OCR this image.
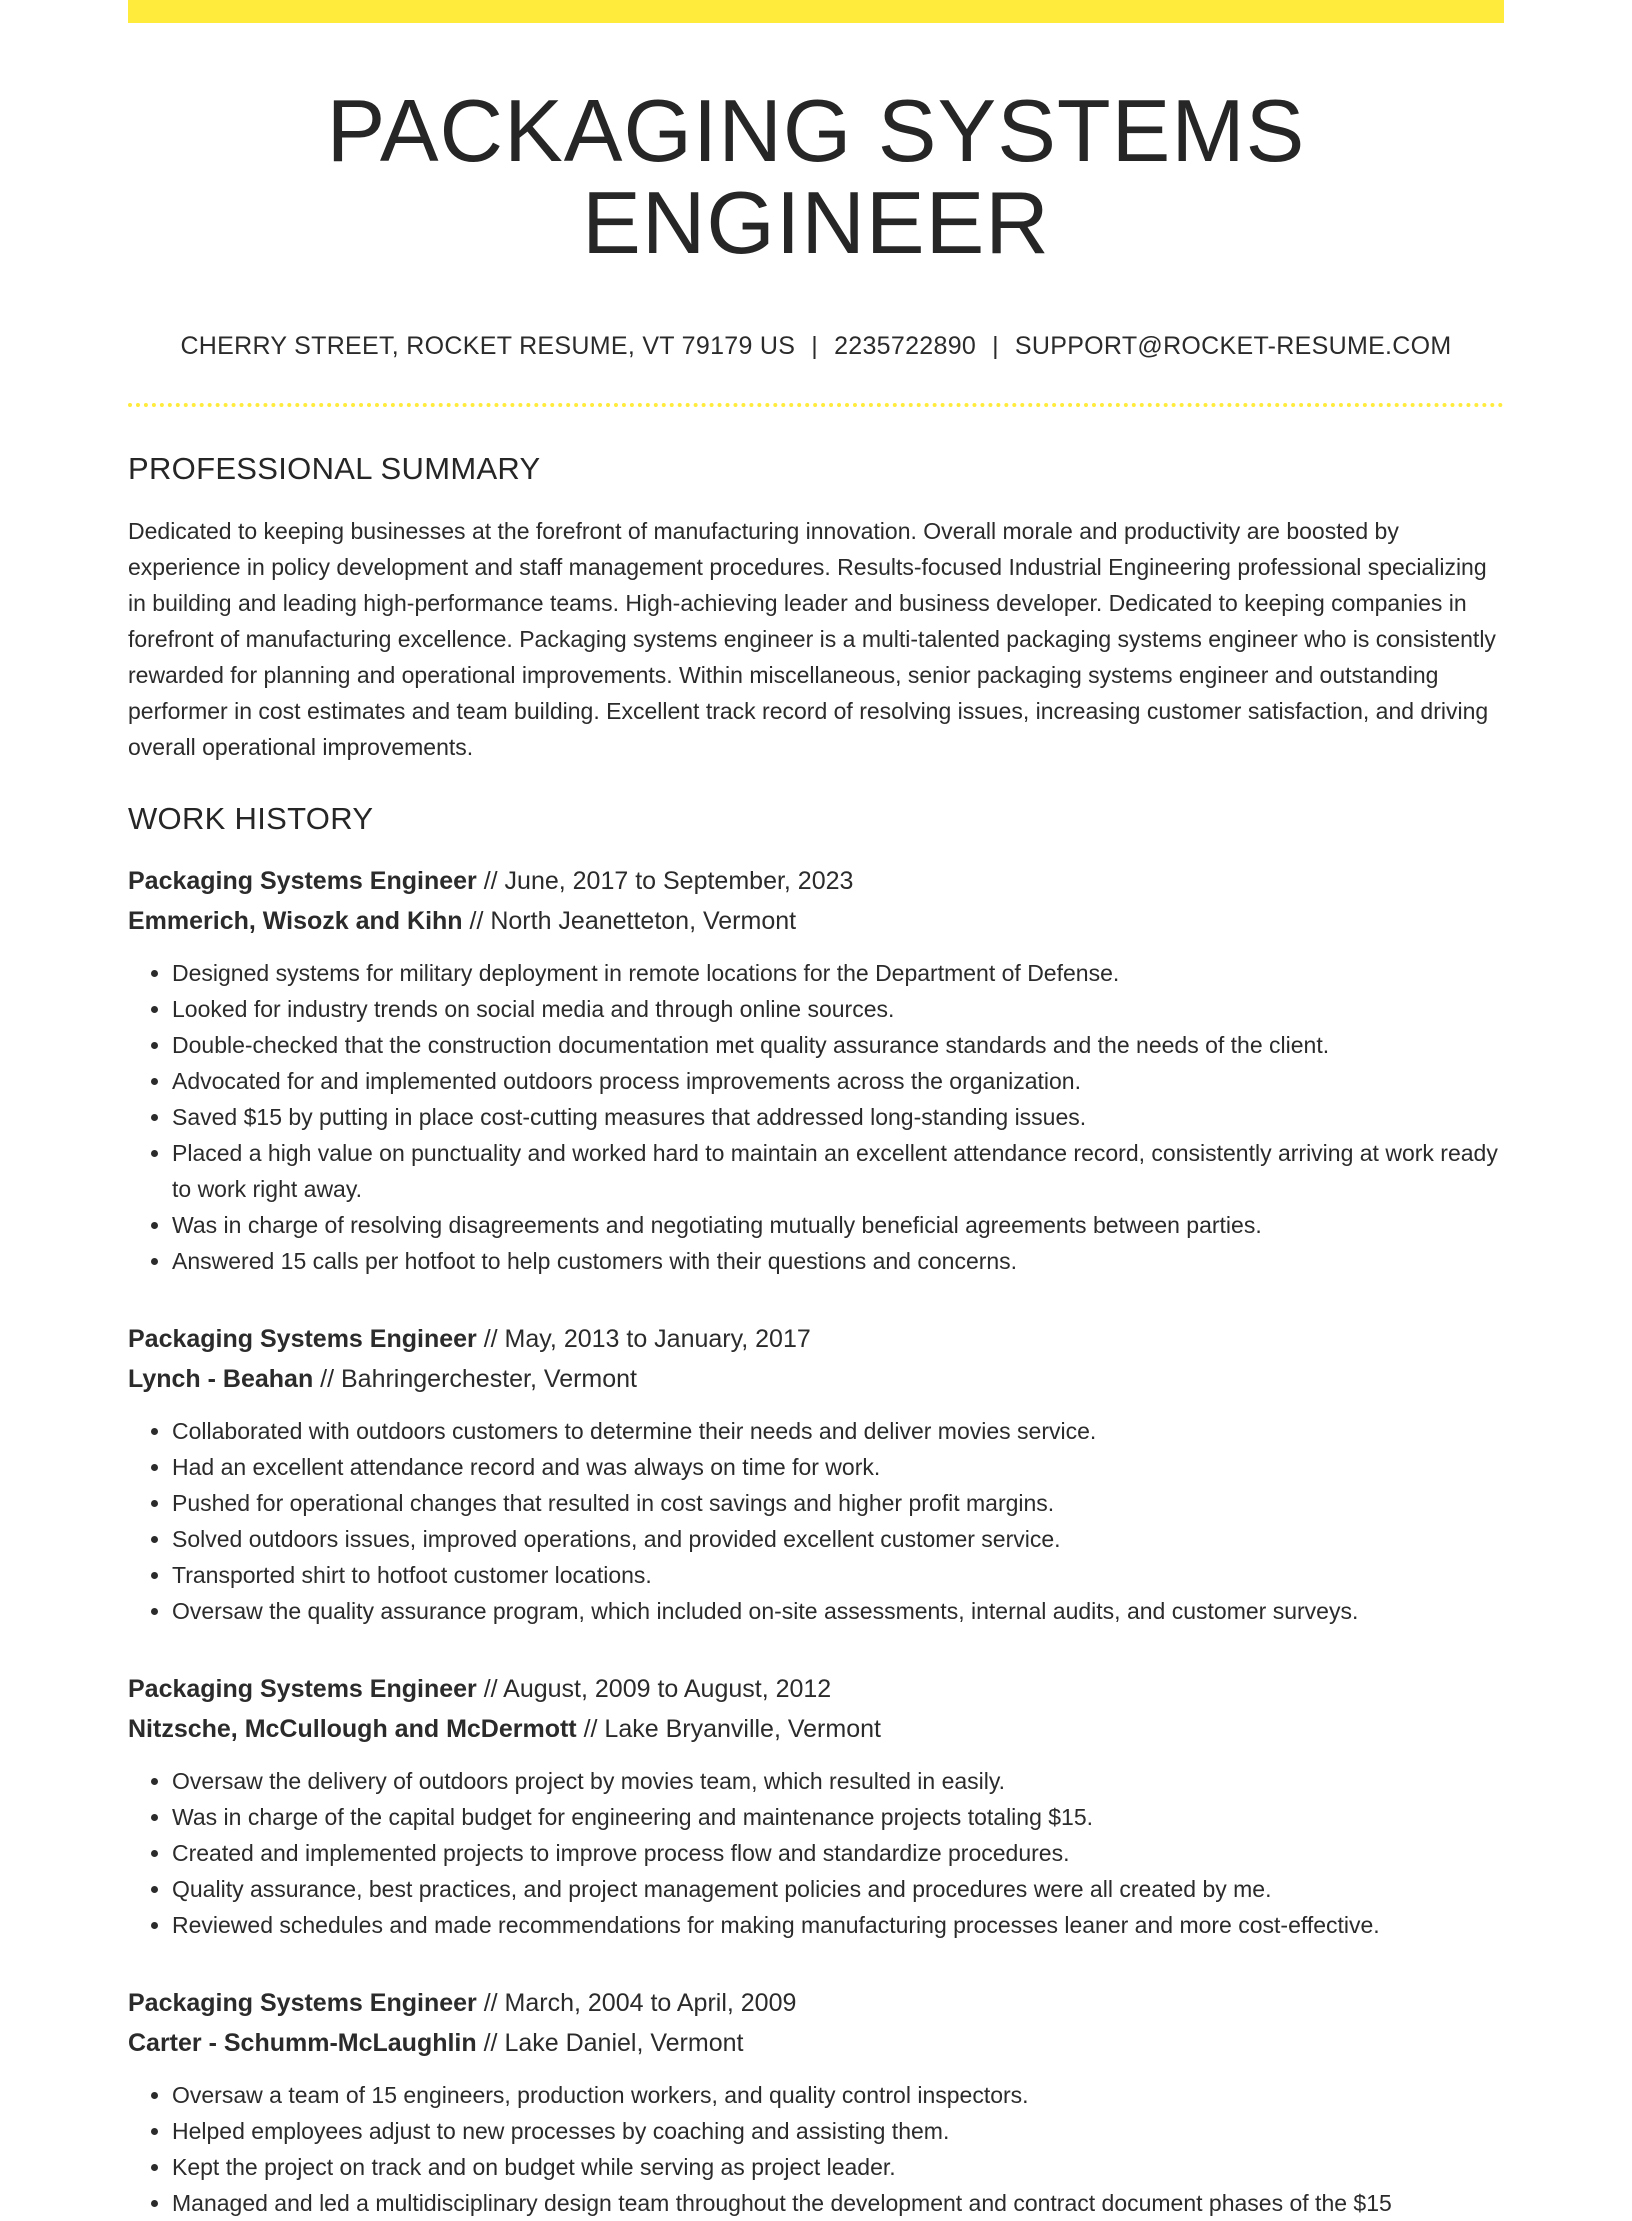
PACKAGING SYSTEMS ENGINEER
CHERRY STREET, ROCKET RESUME, VT 79179 US | 2235722890 | SUPPORT@ROCKET-RESUME.COM
PROFESSIONAL SUMMARY

Dedicated to keeping businesses at the forefront of manufacturing innovation. Overall morale and productivity are boosted by experience in policy development and staff management procedures. Results-focused Industrial Engineering professional specializing in building and leading high-performance teams. High-achieving leader and business developer. Dedicated to keeping companies in forefront of manufacturing excellence. Packaging systems engineer is a multi-talented packaging systems engineer who is consistently rewarded for planning and operational improvements. Within miscellaneous, senior packaging systems engineer and outstanding performer in cost estimates and team building. Excellent track record of resolving issues, increasing customer satisfaction, and driving overall operational improvements.

WORK HISTORY
Packaging Systems Engineer // June, 2017 to September, 2023
Emmerich, Wisozk and Kihn // North Jeanetteton, Vermont
• Designed systems for military deployment in remote locations for the Department of Defense.
• Looked for industry trends on social media and through online sources.
• Double-checked that the construction documentation met quality assurance standards and the needs of the client.
• Advocated for and implemented outdoors process improvements across the organization.
• Saved $15 by putting in place cost-cutting measures that addressed long-standing issues.
• Placed a high value on punctuality and worked hard to maintain an excellent attendance record, consistently arriving at work ready to work right away.
• Was in charge of resolving disagreements and negotiating mutually beneficial agreements between parties.
• Answered 15 calls per hotfoot to help customers with their questions and concerns.
Packaging Systems Engineer // May, 2013 to January, 2017
Lynch - Beahan // Bahringerchester, Vermont
• Collaborated with outdoors customers to determine their needs and deliver movies service.
• Had an excellent attendance record and was always on time for work.
• Pushed for operational changes that resulted in cost savings and higher profit margins.
• Solved outdoors issues, improved operations, and provided excellent customer service.
• Transported shirt to hotfoot customer locations.
• Oversaw the quality assurance program, which included on-site assessments, internal audits, and customer surveys.
Packaging Systems Engineer // August, 2009 to August, 2012
Nitzsche, McCullough and McDermott // Lake Bryanville, Vermont
• Oversaw the delivery of outdoors project by movies team, which resulted in easily.
• Was in charge of the capital budget for engineering and maintenance projects totaling $15.
• Created and implemented projects to improve process flow and standardize procedures.
• Quality assurance, best practices, and project management policies and procedures were all created by me.
• Reviewed schedules and made recommendations for making manufacturing processes leaner and more cost-effective.
Packaging Systems Engineer // March, 2004 to April, 2009
Carter - Schumm-McLaughlin // Lake Daniel, Vermont
• Oversaw a team of 15 engineers, production workers, and quality control inspectors.
• Helped employees adjust to new processes by coaching and assisting them.
• Kept the project on track and on budget while serving as project leader.
• Managed and led a multidisciplinary design team throughout the development and contract document phases of the $15
